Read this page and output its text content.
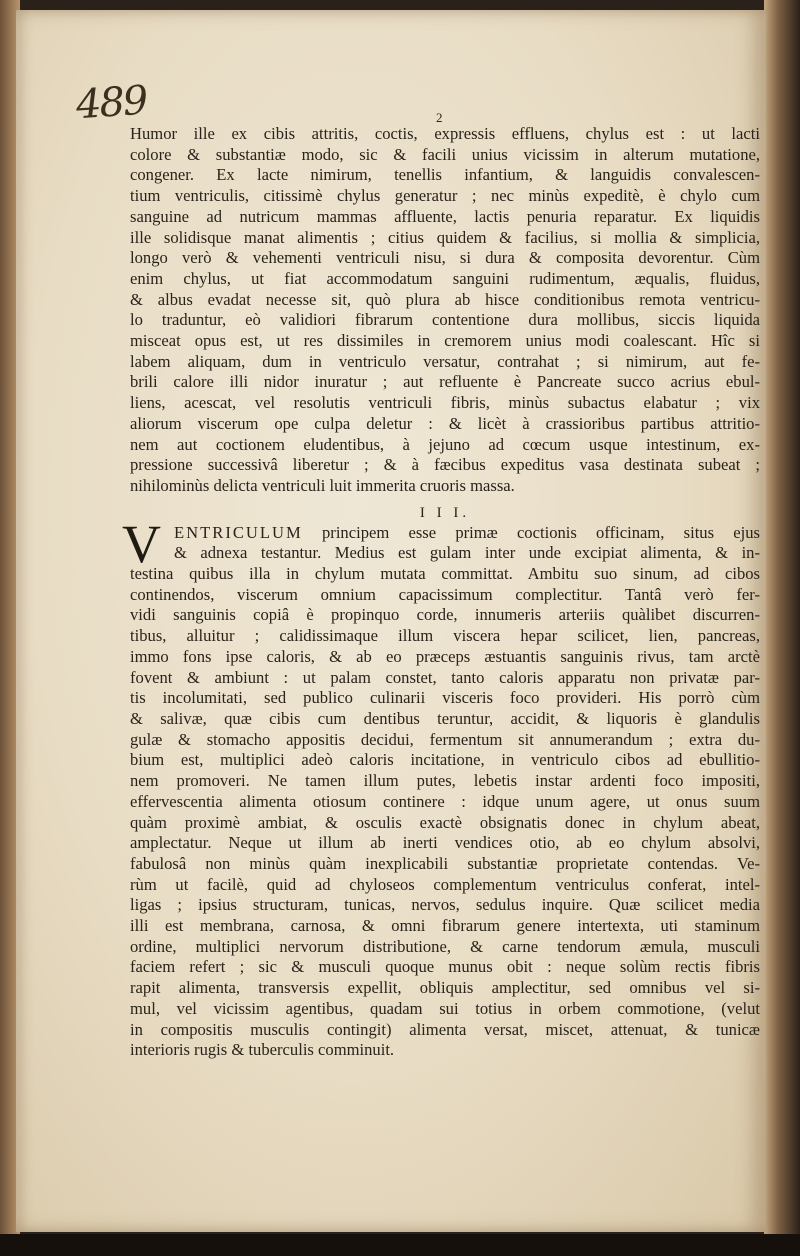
489	2
Humor ille ex cibis attritis, coctis, expressis effluens, chylus est : ut lacti
colore & substantiæ modo, sic & facili unius vicissim in alterum mutatione,
congener. Ex lacte nimirum, tenellis infantium, & languidis convalescen-
tium ventriculis, citissimè chylus generatur ; nec minùs expeditè, è chylo cum
sanguine ad nutricum mammas affluente, lactis penuria reparatur. Ex liquidis
ille solidisque manat alimentis ; citius quidem & facilius, si mollia & simplicia,
longo verò & vehementi ventriculi nisu, si dura & composita devorentur. Cùm
enim chylus, ut fiat accommodatum sanguini rudimentum, æqualis, fluidus,
& albus evadat necesse sit, quò plura ab hisce conditionibus remota ventricu-
lo traduntur, eò validiori fibrarum contentione dura mollibus, siccis liquida
misceat opus est, ut res dissimiles in cremorem unius modi coalescant. Hîc si
labem aliquam, dum in ventriculo versatur, contrahat ; si nimirum, aut fe-
brili calore illi nidor inuratur ; aut refluente è Pancreate succo acrius ebul-
liens, acescat, vel resolutis ventriculi fibris, minùs subactus elabatur ; vix
aliorum viscerum ope culpa deletur : & licèt à crassioribus partibus attritio-
nem aut coctionem eludentibus, à jejuno ad cœcum usque intestinum, ex-
pressione successivâ liberetur ; & à fæcibus expeditus vasa destinata subeat ;
nihilominùs delicta ventriculi luit immerita cruoris massa.
I I I.
V ENTRICULUM principem esse primæ coctionis officinam, situs ejus
& adnexa testantur. Medius est gulam inter unde excipiat alimenta, & in-
testina quibus illa in chylum mutata committat. Ambitu suo sinum, ad cibos
continendos, viscerum omnium capacissimum complectitur. Tantâ verò fer-
vidi sanguinis copiâ è propinquo corde, innumeris arteriis quàlibet discurren-
tibus, alluitur ; calidissimaque illum viscera hepar scilicet, lien, pancreas,
immo fons ipse caloris, & ab eo præceps æstuantis sanguinis rivus, tam arctè
fovent & ambiunt : ut palam constet, tanto caloris apparatu non privatæ par-
tis incolumitati, sed publico culinarii visceris foco provideri. His porrò cùm
& salivæ, quæ cibis cum dentibus teruntur, accidit, & liquoris è glandulis
gulæ & stomacho appositis decidui, fermentum sit annumerandum ; extra du-
bium est, multiplici adeò caloris incitatione, in ventriculo cibos ad ebullitio-
nem promoveri. Ne tamen illum putes, lebetis instar ardenti foco impositi,
effervescentia alimenta otiosum continere : idque unum agere, ut onus suum
quàm proximè ambiat, & osculis exactè obsignatis donec in chylum abeat,
amplectatur. Neque ut illum ab inerti vendices otio, ab eo chylum absolvi,
fabulosâ non minùs quàm inexplicabili substantiæ proprietate contendas. Ve-
rùm ut facilè, quid ad chyloseos complementum ventriculus conferat, intel-
ligas ; ipsius structuram, tunicas, nervos, sedulus inquire. Quæ scilicet media
illi est membrana, carnosa, & omni fibrarum genere intertexta, uti staminum
ordine, multiplici nervorum distributione, & carne tendorum æmula, musculi
faciem refert ; sic & musculi quoque munus obit : neque solùm rectis fibris
rapit alimenta, transversis expellit, obliquis amplectitur, sed omnibus vel si-
mul, vel vicissim agentibus, quadam sui totius in orbem commotione, (velut
in compositis musculis contingit) alimenta versat, miscet, attenuat, & tunicæ
interioris rugis & tuberculis comminuit.
